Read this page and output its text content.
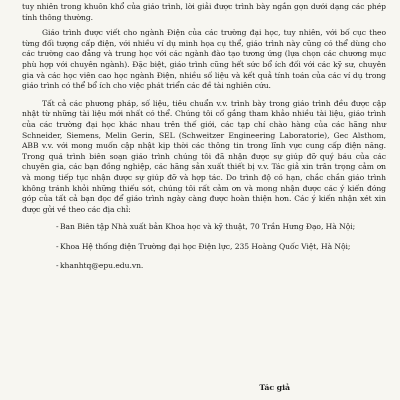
tuy nhiên trong khuôn khổ của giáo trình, lời giải được trình bày ngắn gọn dưới dạng các phép tính thông thường.

Giáo trình được viết cho ngành Điện của các trường đại học, tuy nhiên, với bố cục theo từng đối tượng cấp điện, với nhiều ví dụ minh họa cụ thể, giáo trình này cũng có thể dùng cho các trường cao đẳng và trung học với các ngành đào tạo tương ứng (lựa chọn các chương mục phù hợp với chuyên ngành). Đặc biệt, giáo trình cũng hết sức bổ ích đối với các kỹ sư, chuyên gia và các học viên cao học ngành Điện, nhiều số liệu và kết quả tính toán của các ví dụ trong giáo trình có thể bổ ích cho việc phát triển các đề tài nghiên cứu.

Tất cả các phương pháp, số liệu, tiêu chuẩn v.v. trình bày trong giáo trình đều được cập nhật từ những tài liệu mới nhất có thể. Chúng tôi cố gắng tham khảo nhiều tài liệu, giáo trình của các trường đại học khác nhau trên thế giới, các tạp chí chào hàng của các hãng như Schneider, Siemens, Melin Gerin, SEL (Schweitzer Engineering Laboratorie), Gec Alsthom, ABB v.v. với mong muốn cập nhật kịp thời các thông tin trong lĩnh vực cung cấp điện năng. Trong quá trình biên soạn giáo trình chúng tôi đã nhận được sự giúp đỡ quý báu của các chuyên gia, các bạn đồng nghiệp, các hãng sản xuất thiết bị v.v. Tác giả xin trân trọng cảm ơn và mong tiếp tục nhận được sự giúp đỡ và hợp tác. Do trình độ có hạn, chắc chắn giáo trình không tránh khỏi những thiếu sót, chúng tôi rất cảm ơn và mong nhận được các ý kiến đóng góp của tất cả bạn đọc để giáo trình ngày càng được hoàn thiện hơn. Các ý kiến nhận xét xin được gửi về theo các địa chỉ:

- Ban Biên tập Nhà xuất bản Khoa học và kỹ thuật, 70 Trần Hưng Đạo, Hà Nội;
- Khoa Hệ thống điện Trường đại học Điện lực, 235 Hoàng Quốc Việt, Hà Nội;
- khanhtq@epu.edu.vn.
Tác giả
